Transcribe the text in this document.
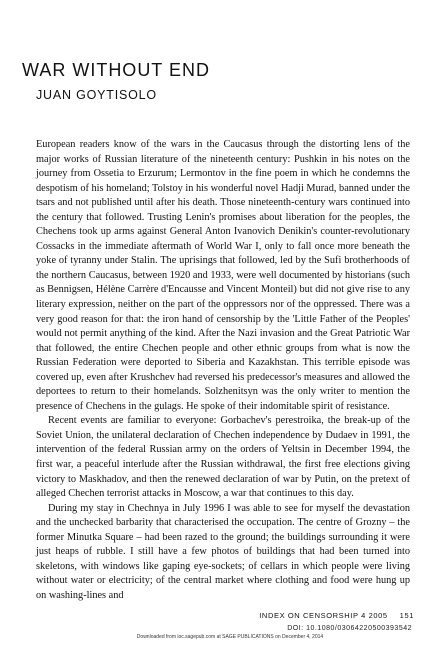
WAR WITHOUT END
JUAN GOYTISOLO

European readers know of the wars in the Caucasus through the distorting lens of the major works of Russian literature of the nineteenth century: Pushkin in his notes on the journey from Ossetia to Erzurum; Lermontov in the fine poem in which he condemns the despotism of his homeland; Tolstoy in his wonderful novel Hadji Murad, banned under the tsars and not published until after his death. Those nineteenth-century wars continued into the century that followed. Trusting Lenin's promises about liberation for the peoples, the Chechens took up arms against General Anton Ivanovich Denikin's counter-revolutionary Cossacks in the immediate aftermath of World War I, only to fall once more beneath the yoke of tyranny under Stalin. The uprisings that followed, led by the Sufi brotherhoods of the northern Caucasus, between 1920 and 1933, were well documented by historians (such as Bennigsen, Hélène Carrère d'Encausse and Vincent Monteil) but did not give rise to any literary expression, neither on the part of the oppressors nor of the oppressed. There was a very good reason for that: the iron hand of censorship by the 'Little Father of the Peoples' would not permit anything of the kind. After the Nazi invasion and the Great Patriotic War that followed, the entire Chechen people and other ethnic groups from what is now the Russian Federation were deported to Siberia and Kazakhstan. This terrible episode was covered up, even after Krushchev had reversed his predecessor's measures and allowed the deportees to return to their homelands. Solzhenitsyn was the only writer to mention the presence of Chechens in the gulags. He spoke of their indomitable spirit of resistance.

Recent events are familiar to everyone: Gorbachev's perestroika, the break-up of the Soviet Union, the unilateral declaration of Chechen independence by Dudaev in 1991, the intervention of the federal Russian army on the orders of Yeltsin in December 1994, the first war, a peaceful interlude after the Russian withdrawal, the first free elections giving victory to Maskhadov, and then the renewed declaration of war by Putin, on the pretext of alleged Chechen terrorist attacks in Moscow, a war that continues to this day.

During my stay in Chechnya in July 1996 I was able to see for myself the devastation and the unchecked barbarity that characterised the occupation. The centre of Grozny – the former Minutka Square – had been razed to the ground; the buildings surrounding it were just heaps of rubble. I still have a few photos of buildings that had been turned into skeletons, with windows like gaping eye-sockets; of cellars in which people were living without water or electricity; of the central market where clothing and food were hung up on washing-lines and

INDEX ON CENSORSHIP 4 2005 151
DOI: 10.1080/03064220500393542
Downloaded from ioc.sagepub.com at SAGE PUBLICATIONS on December 4, 2014
